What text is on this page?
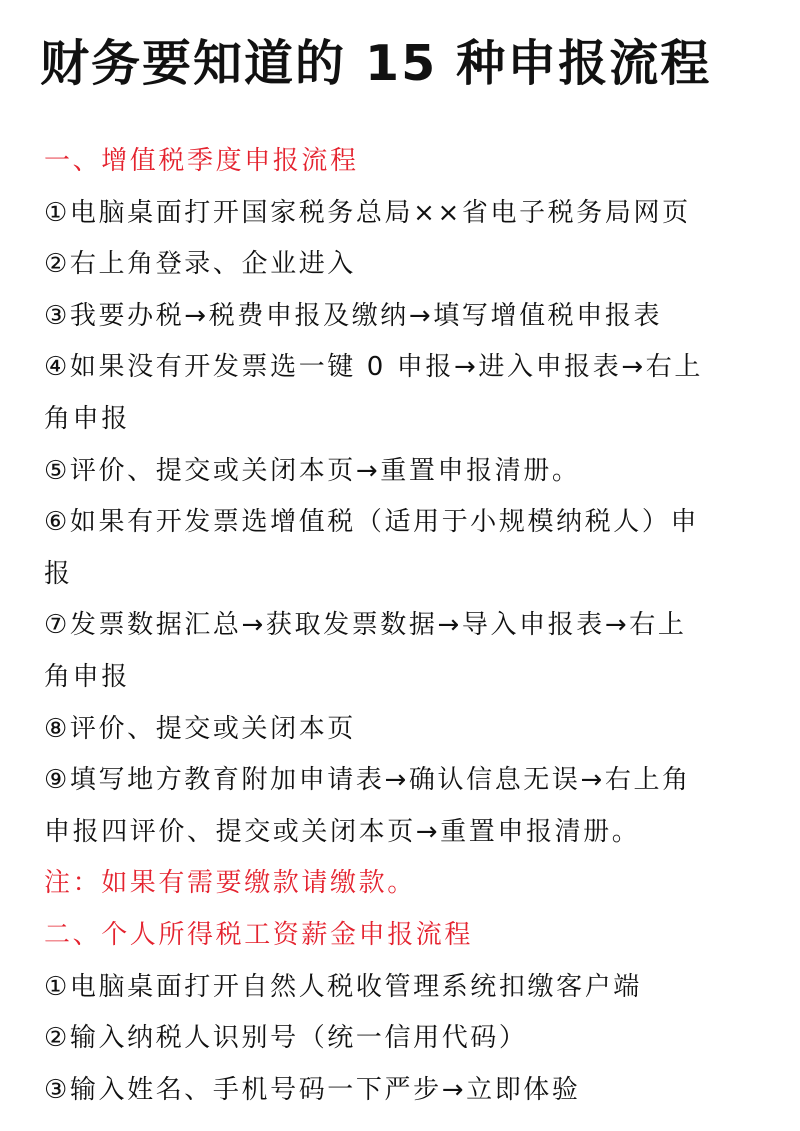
财务要知道的 15 种申报流程
一、增值税季度申报流程
①电脑桌面打开国家税务总局××省电子税务局网页
②右上角登录、企业进入
③我要办税→税费申报及缴纳→填写增值税申报表
④如果没有开发票选一键 0 申报→进入申报表→右上
角申报
⑤评价、提交或关闭本页→重置申报清册。
⑥如果有开发票选增值税（适用于小规模纳税人）申
报
⑦发票数据汇总→获取发票数据→导入申报表→右上
角申报
⑧评价、提交或关闭本页
⑨填写地方教育附加申请表→确认信息无误→右上角
申报四评价、提交或关闭本页→重置申报清册。
注：如果有需要缴款请缴款。
二、个人所得税工资薪金申报流程
①电脑桌面打开自然人税收管理系统扣缴客户端
②输入纳税人识别号（统一信用代码）
③输入姓名、手机号码一下严步→立即体验
